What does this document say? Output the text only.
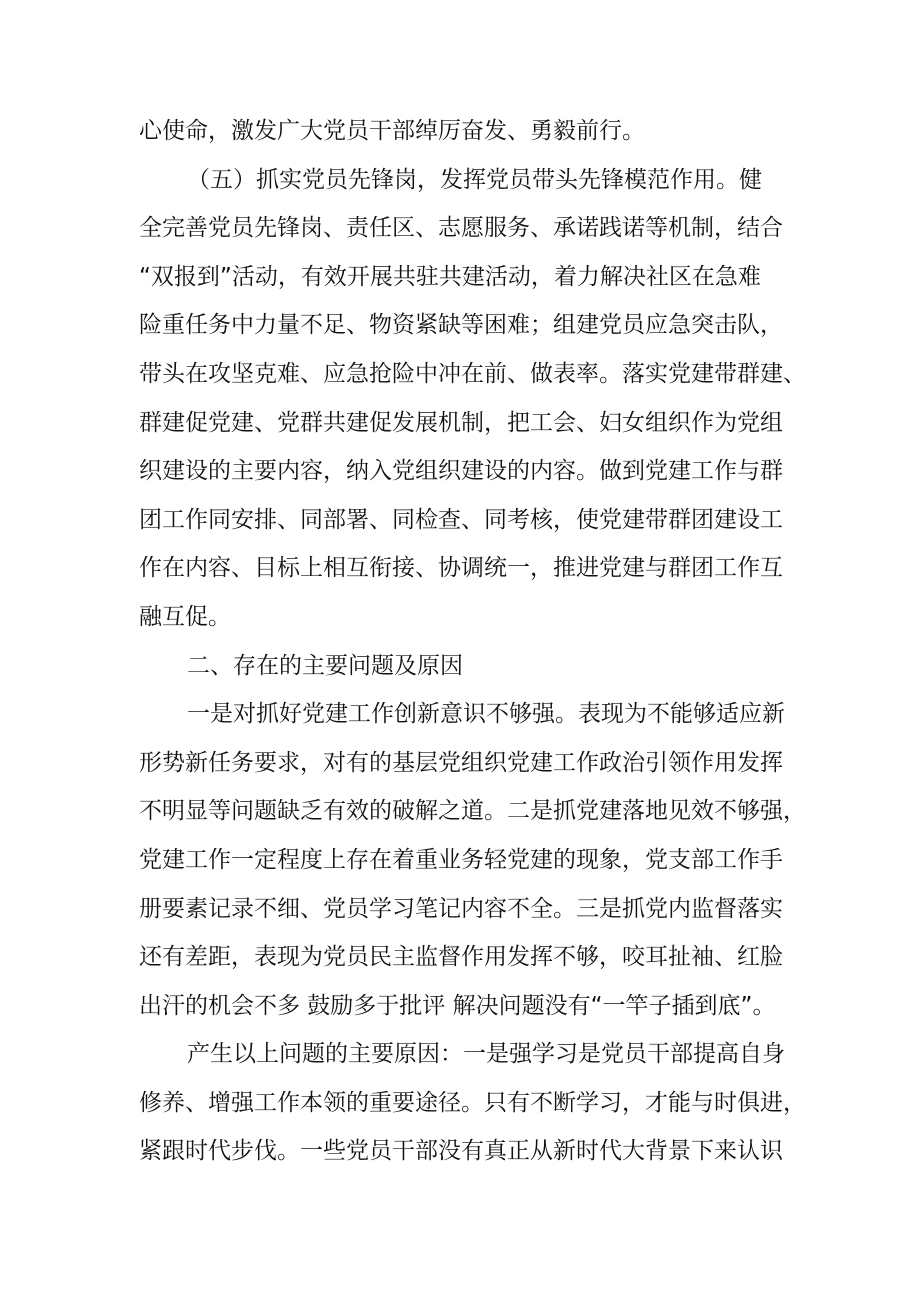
心使命，激发广大党员干部绰厉奋发、勇毅前行。
（五）抓实党员先锋岗，发挥党员带头先锋模范作用。健
全完善党员先锋岗、责任区、志愿服务、承诺践诺等机制，结合
“双报到”活动，有效开展共驻共建活动，着力解决社区在急难
险重任务中力量不足、物资紧缺等困难；组建党员应急突击队，
带头在攻坚克难、应急抢险中冲在前、做表率。落实党建带群建、
群建促党建、党群共建促发展机制，把工会、妇女组织作为党组
织建设的主要内容，纳入党组织建设的内容。做到党建工作与群
团工作同安排、同部署、同检查、同考核，使党建带群团建设工
作在内容、目标上相互衔接、协调统一，推进党建与群团工作互
融互促。
二、存在的主要问题及原因
一是对抓好党建工作创新意识不够强。表现为不能够适应新
形势新任务要求，对有的基层党组织党建工作政治引领作用发挥
不明显等问题缺乏有效的破解之道。二是抓党建落地见效不够强，
党建工作一定程度上存在着重业务轻党建的现象，党支部工作手
册要素记录不细、党员学习笔记内容不全。三是抓党内监督落实
还有差距，表现为党员民主监督作用发挥不够，咬耳扯袖、红脸
出汗的机会不多 鼓励多于批评 解决问题没有“一竿子插到底”。
产生以上问题的主要原因：一是强学习是党员干部提高自身
修养、增强工作本领的重要途径。只有不断学习，才能与时俱进，
紧跟时代步伐。一些党员干部没有真正从新时代大背景下来认识
